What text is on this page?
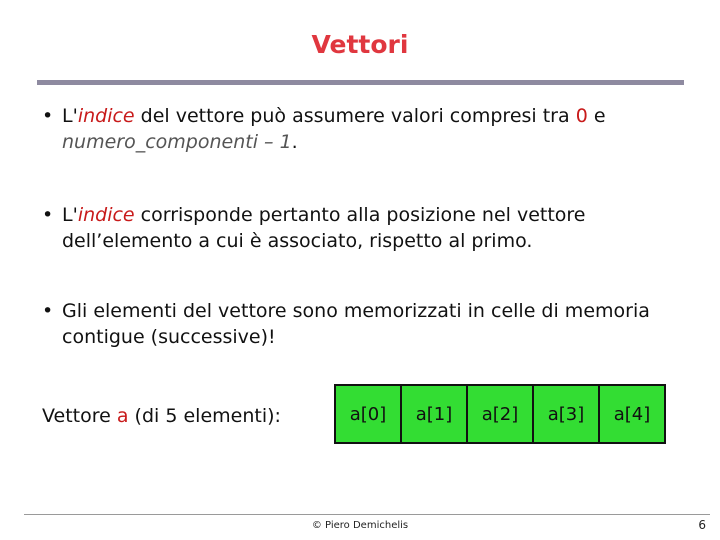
Vettori
• L'indice del vettore può assumere valori compresi tra 0 e
numero_componenti – 1.
• L'indice corrisponde pertanto alla posizione nel vettore dell’elemento a cui è associato, rispetto al primo.
• Gli elementi del vettore sono memorizzati in celle di memoria contigue (successive)!
Vettore a (di 5 elementi):	a[0]	a[1]	a[2]	a[3]	a[4]
© Piero Demichelis	6
